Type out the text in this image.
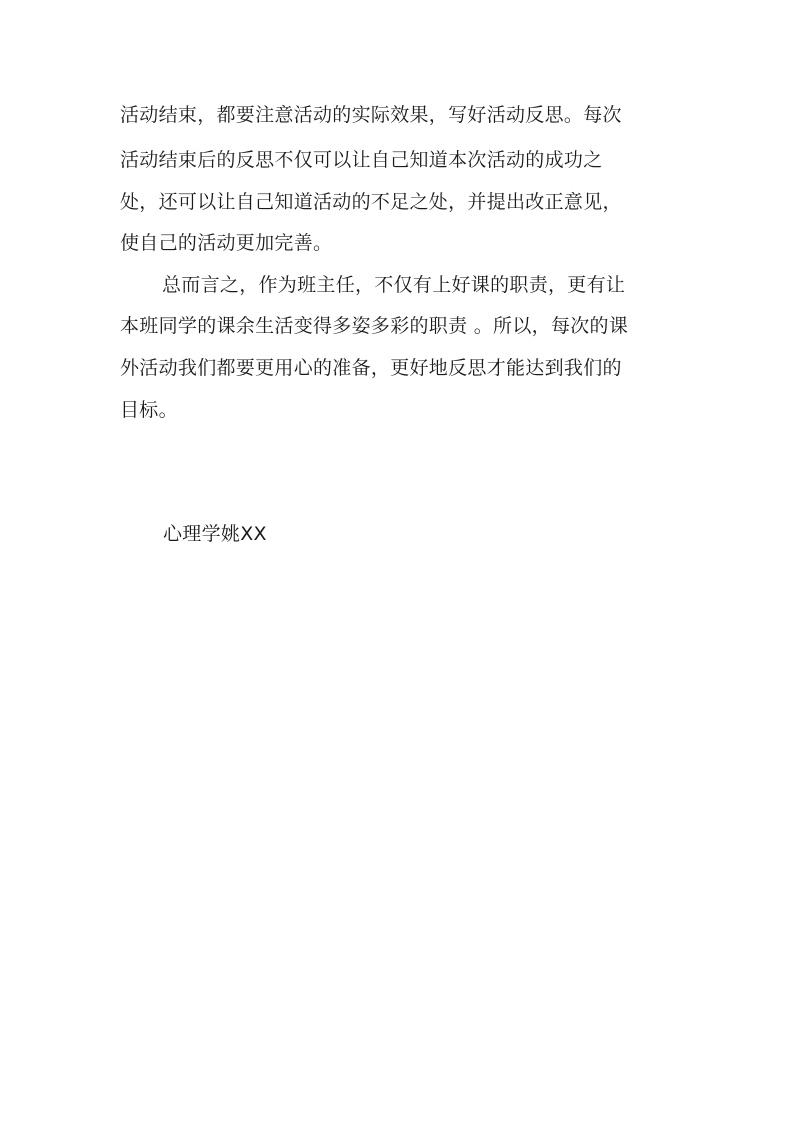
活动结束，都要注意活动的实际效果，写好活动反思。每次
活动结束后的反思不仅可以让自己知道本次活动的成功之
处，还可以让自己知道活动的不足之处，并提出改正意见，
使自己的活动更加完善。
总而言之，作为班主任，不仅有上好课的职责，更有让
本班同学的课余生活变得多姿多彩的职责 。所以，每次的课
外活动我们都要更用心的准备，更好地反思才能达到我们的
目标。
心理学姚XX
